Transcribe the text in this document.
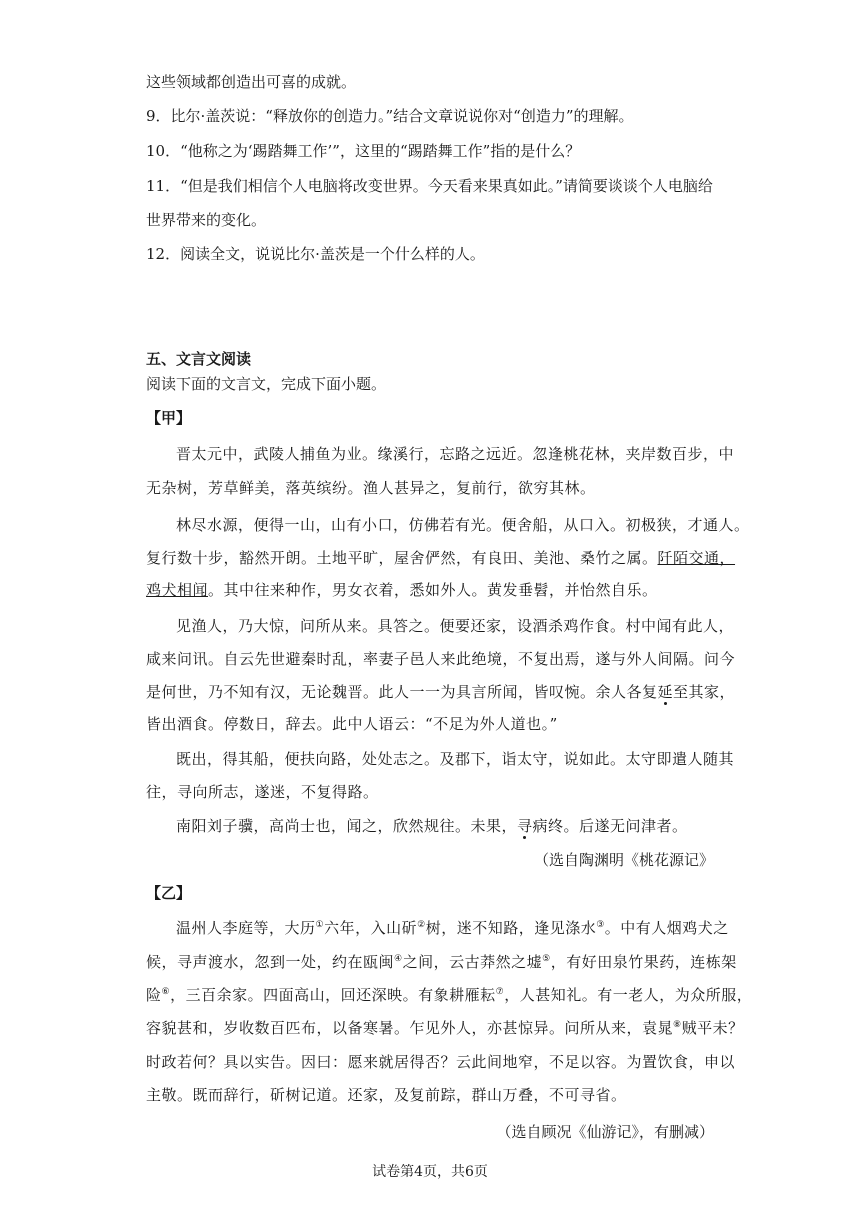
这些领域都创造出可喜的成就。
9．比尔·盖茨说：“释放你的创造力。”结合文章说说你对“创造力”的理解。
10．“他称之为‘踢踏舞工作’”，这里的“踢踏舞工作”指的是什么？
11．“但是我们相信个人电脑将改变世界。今天看来果真如此。”请简要谈谈个人电脑给
世界带来的变化。
12．阅读全文，说说比尔·盖茨是一个什么样的人。
五、文言文阅读
阅读下面的文言文，完成下面小题。
【甲】
晋太元中，武陵人捕鱼为业。缘溪行，忘路之远近。忽逢桃花林，夹岸数百步，中
无杂树，芳草鲜美，落英缤纷。渔人甚异之，复前行，欲穷其林。
林尽水源，便得一山，山有小口，仿佛若有光。便舍船，从口入。初极狭，才通人。
复行数十步，豁然开朗。土地平旷，屋舍俨然，有良田、美池、桑竹之属。阡陌交通，
鸡犬相闻。其中往来种作，男女衣着，悉如外人。黄发垂髫，并怡然自乐。
见渔人，乃大惊，问所从来。具答之。便要还家，设酒杀鸡作食。村中闻有此人，
咸来问讯。自云先世避秦时乱，率妻子邑人来此绝境，不复出焉，遂与外人间隔。问今
是何世，乃不知有汉，无论魏晋。此人一一为具言所闻，皆叹惋。余人各复延至其家，
皆出酒食。停数日，辞去。此中人语云：“不足为外人道也。”
既出，得其船，便扶向路，处处志之。及郡下，诣太守，说如此。太守即遣人随其
往，寻向所志，遂迷，不复得路。
南阳刘子骥，高尚士也，闻之，欣然规往。未果，寻病终。后遂无问津者。
（选自陶渊明《桃花源记》
【乙】
温州人李庭等，大历①六年，入山斫②树，迷不知路，逢见涤水③。中有人烟鸡犬之
候，寻声渡水，忽到一处，约在瓯闽④之间，云古莽然之墟⑤，有好田泉竹果药，连栋架
险⑥，三百余家。四面高山，回还深映。有象耕雁耘⑦，人甚知礼。有一老人，为众所服，
容貌甚和，岁收数百匹布，以备寒暑。乍见外人，亦甚惊异。问所从来，袁晁⑧贼平未？
时政若何？具以实告。因曰：愿来就居得否？云此间地窄，不足以容。为置饮食，申以
主敬。既而辞行，斫树记道。还家，及复前踪，群山万叠，不可寻省。
（选自顾况《仙游记》，有删减）
试卷第4页，共6页
